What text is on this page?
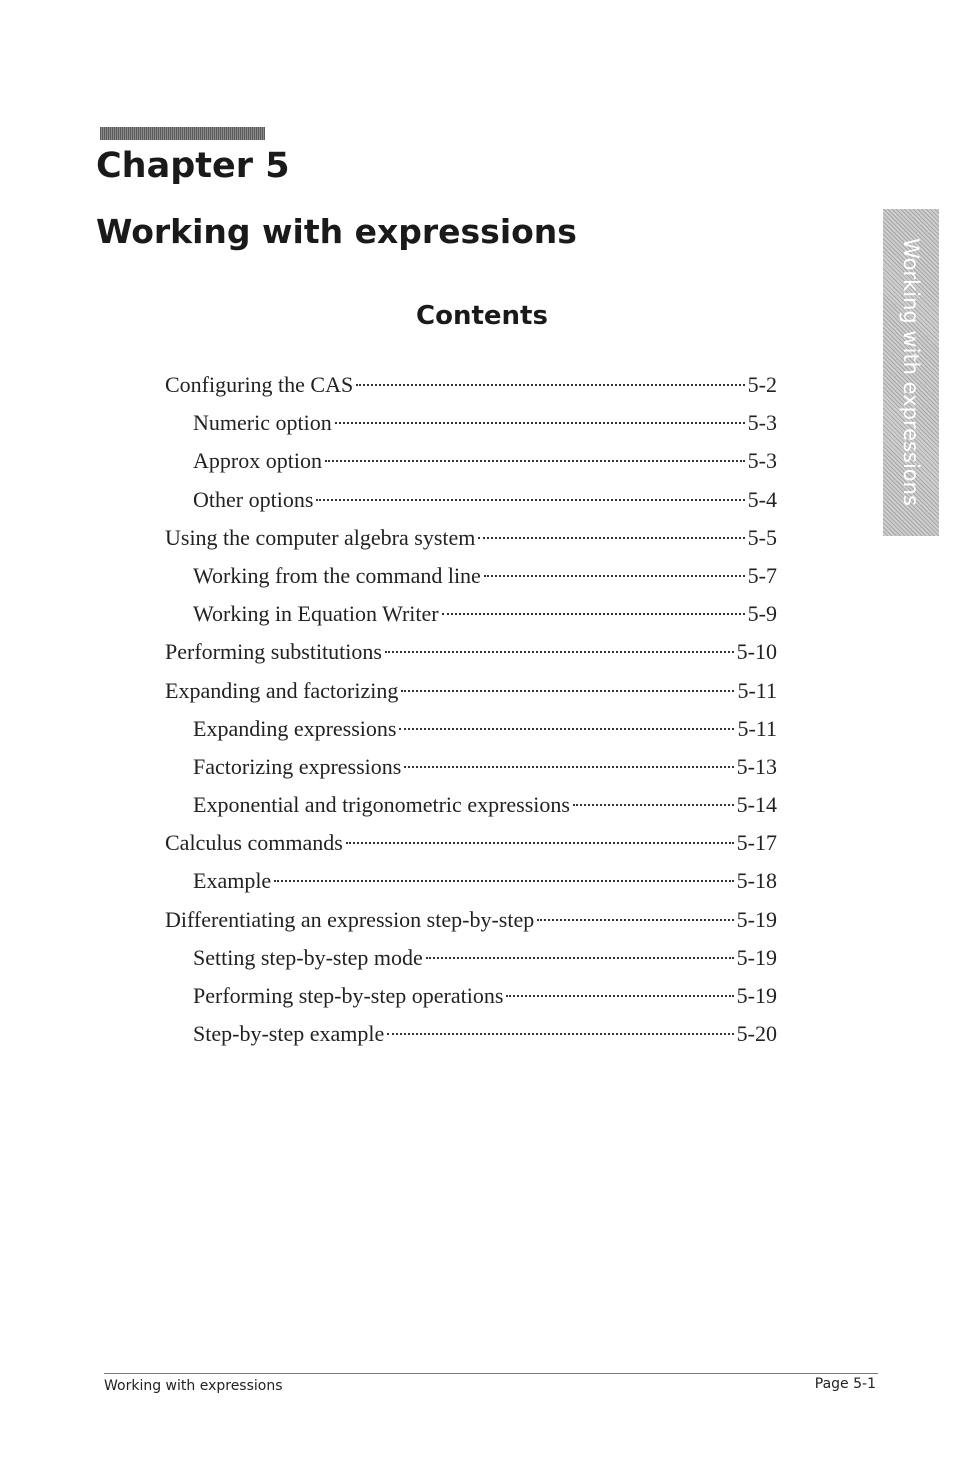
Chapter 5
Working with expressions
Working with expressions
Contents
Configuring the CAS	5-2
Numeric option	5-3
Approx option	5-3
Other options	5-4
Using the computer algebra system	5-5
Working from the command line	5-7
Working in Equation Writer	5-9
Performing substitutions	5-10
Expanding and factorizing	5-11
Expanding expressions	5-11
Factorizing expressions	5-13
Exponential and trigonometric expressions	5-14
Calculus commands	5-17
Example	5-18
Differentiating an expression step-by-step	5-19
Setting step-by-step mode	5-19
Performing step-by-step operations	5-19
Step-by-step example	5-20
Working with expressions	Page 5-1
